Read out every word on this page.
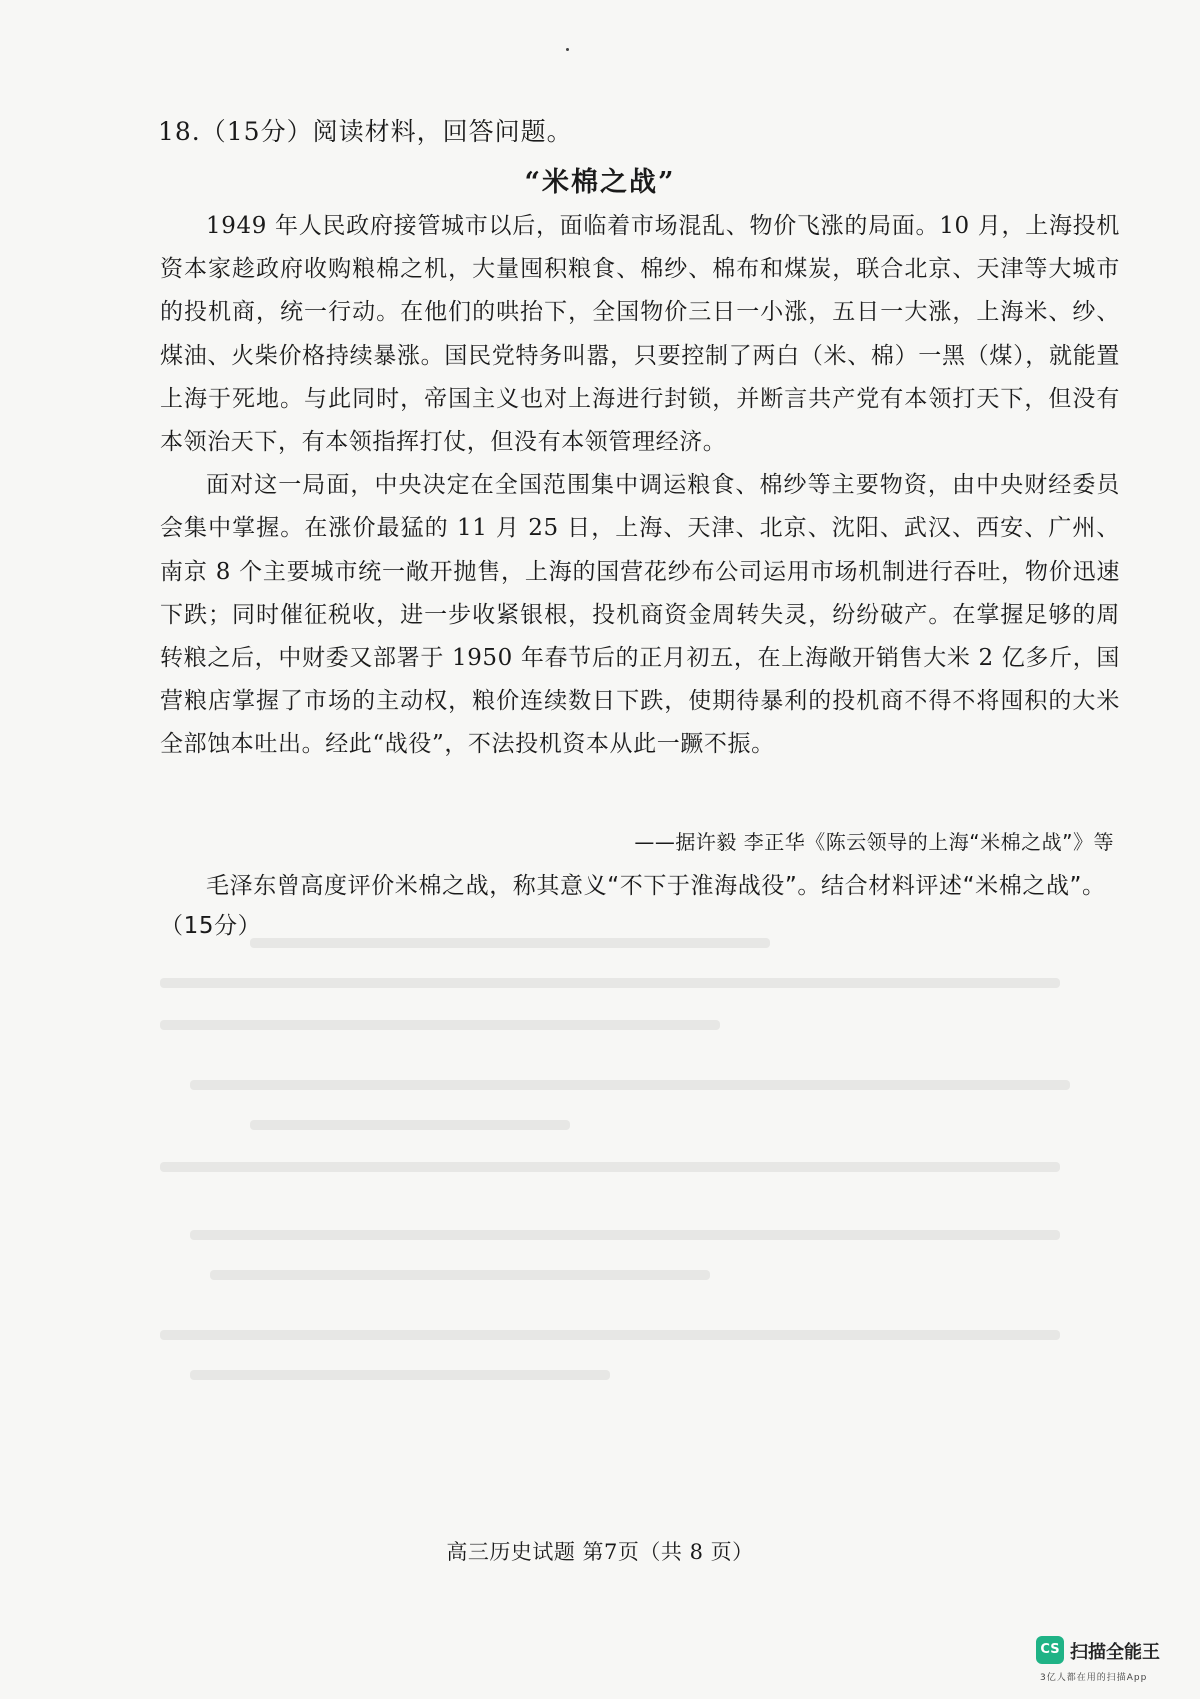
18.（15分）阅读材料，回答问题。
“米棉之战”

1949 年人民政府接管城市以后，面临着市场混乱、物价飞涨的局面。10 月，上海投机资本家趁政府收购粮棉之机，大量囤积粮食、棉纱、棉布和煤炭，联合北京、天津等大城市的投机商，统一行动。在他们的哄抬下，全国物价三日一小涨，五日一大涨，上海米、纱、煤油、火柴价格持续暴涨。国民党特务叫嚣，只要控制了两白（米、棉）一黑（煤），就能置上海于死地。与此同时，帝国主义也对上海进行封锁，并断言共产党有本领打天下，但没有本领治天下，有本领指挥打仗，但没有本领管理经济。

面对这一局面，中央决定在全国范围集中调运粮食、棉纱等主要物资，由中央财经委员会集中掌握。在涨价最猛的 11 月 25 日，上海、天津、北京、沈阳、武汉、西安、广州、南京 8 个主要城市统一敞开抛售，上海的国营花纱布公司运用市场机制进行吞吐，物价迅速下跌；同时催征税收，进一步收紧银根，投机商资金周转失灵，纷纷破产。在掌握足够的周转粮之后，中财委又部署于 1950 年春节后的正月初五，在上海敞开销售大米 2 亿多斤，国营粮店掌握了市场的主动权，粮价连续数日下跌，使期待暴利的投机商不得不将囤积的大米全部蚀本吐出。经此“战役”，不法投机资本从此一蹶不振。

——据许毅 李正华《陈云领导的上海“米棉之战”》等
毛泽东曾高度评价米棉之战，称其意义“不下于淮海战役”。结合材料评述“米棉之战”。（15分）
高三历史试题 第7页（共 8 页）
CS 扫描全能王
3亿人都在用的扫描App
